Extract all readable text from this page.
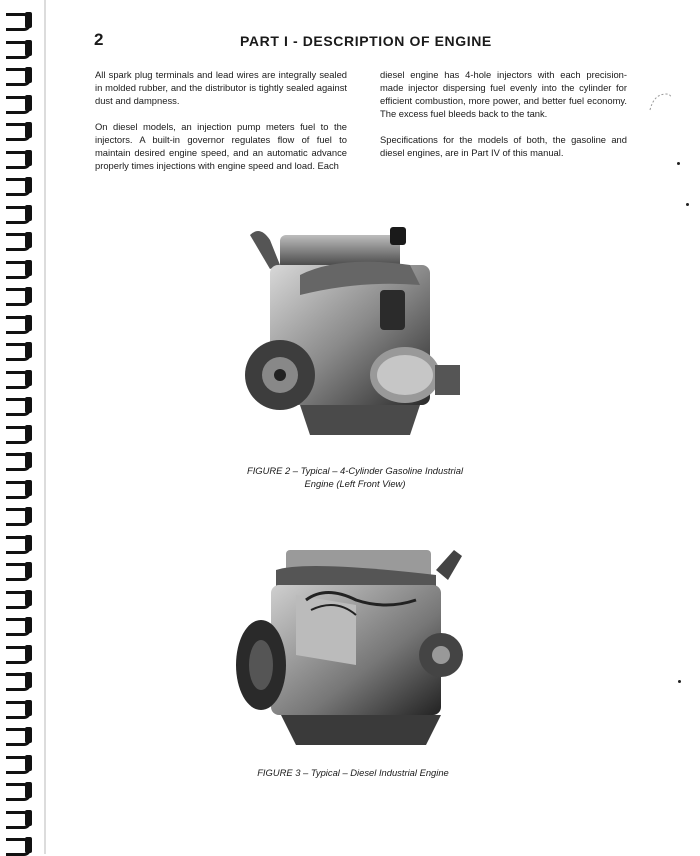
2	PART I - DESCRIPTION OF ENGINE

All spark plug terminals and lead wires are integrally sealed in molded rubber, and the distributor is tightly sealed against dust and dampness.

On diesel models, an injection pump meters fuel to the injectors. A built-in governor regulates flow of fuel to maintain desired engine speed, and an automatic advance properly times injections with engine speed and load. Each

diesel engine has 4-hole injectors with each precision-made injector dispersing fuel evenly into the cylinder for efficient combustion, more power, and better fuel economy. The excess fuel bleeds back to the tank.

Specifications for the models of both, the gasoline and diesel engines, are in Part IV of this manual.

FIGURE 2 – Typical – 4-Cylinder Gasoline Industrial
Engine (Left Front View)
FIGURE 3 – Typical – Diesel Industrial Engine
